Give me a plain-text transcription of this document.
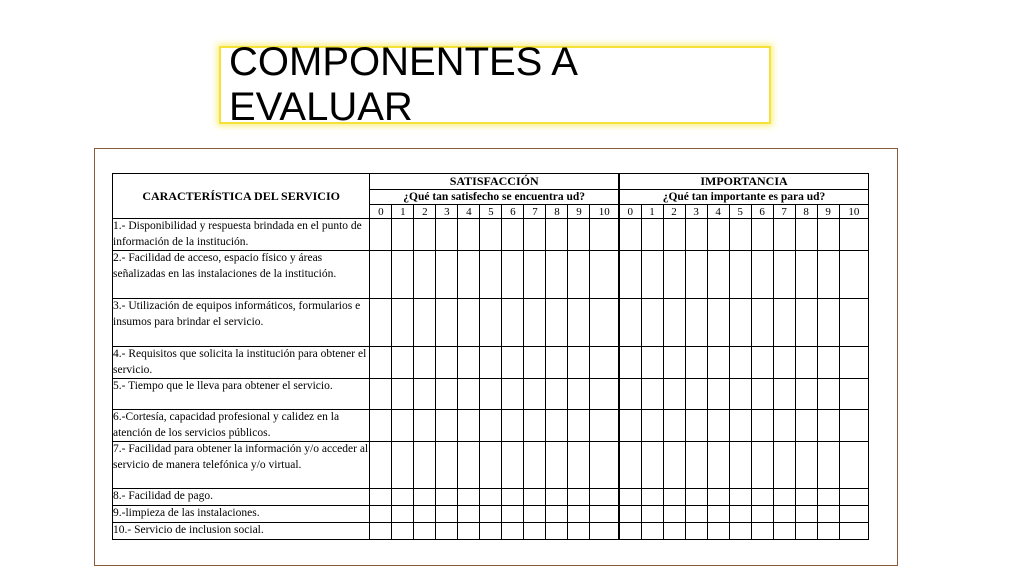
COMPONENTES A EVALUAR
CARACTERÍSTICA DEL SERVICIO	SATISFACCIÓN											IMPORTANCIA										
	¿Qué tan satisfecho se encuentra ud?											¿Qué tan importante es para ud?										
	0	1	2	3	4	5	6	7	8	9	10	0	1	2	3	4	5	6	7	8	9	10
1.- Disponibilidad y respuesta brindada en el punto de información de la institución.																						
2.- Facilidad de acceso, espacio físico y áreas señalizadas en las instalaciones de la institución.																						
3.- Utilización de equipos informáticos, formularios e insumos para brindar el servicio.																						
4.- Requisitos que solicita la institución para obtener el servicio.																						
5.- Tiempo que le lleva para obtener el servicio.																						
6.-Cortesía, capacidad profesional y calidez en la atención de los servicios públicos.																						
7.- Facilidad para obtener la información y/o acceder al servicio de manera telefónica y/o virtual.																						
8.- Facilidad de pago.																						
9.-limpieza de las instalaciones.																						
10.- Servicio de inclusion social.																						
